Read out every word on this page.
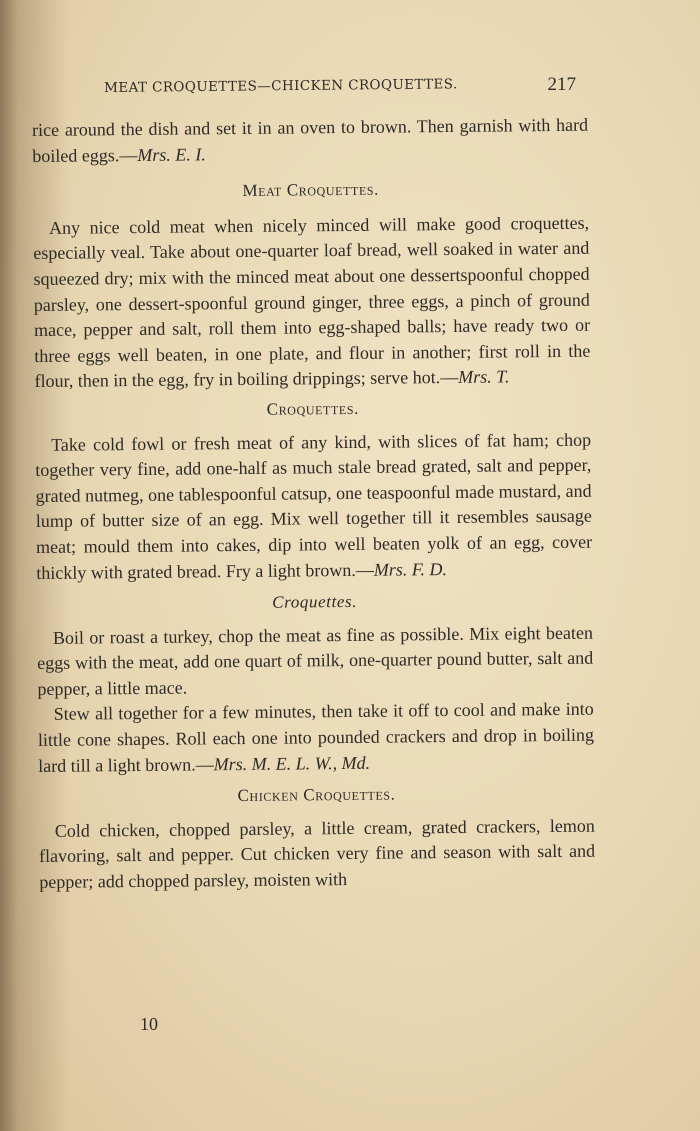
MEAT CROQUETTES—CHICKEN CROQUETTES.	217

rice around the dish and set it in an oven to brown. Then garnish with hard boiled eggs.—Mrs. E. I.

Meat Croquettes.

Any nice cold meat when nicely minced will make good croquettes, especially veal. Take about one-quarter loaf bread, well soaked in water and squeezed dry; mix with the minced meat about one dessertspoonful chopped parsley, one dessert-spoonful ground ginger, three eggs, a pinch of ground mace, pepper and salt, roll them into egg-shaped balls; have ready two or three eggs well beaten, in one plate, and flour in another; first roll in the flour, then in the egg, fry in boiling drippings; serve hot.—Mrs. T.

Croquettes.

Take cold fowl or fresh meat of any kind, with slices of fat ham; chop together very fine, add one-half as much stale bread grated, salt and pepper, grated nutmeg, one tablespoonful catsup, one teaspoonful made mustard, and lump of butter size of an egg. Mix well together till it resembles sausage meat; mould them into cakes, dip into well beaten yolk of an egg, cover thickly with grated bread. Fry a light brown.—Mrs. F. D.

Croquettes.

Boil or roast a turkey, chop the meat as fine as possible. Mix eight beaten eggs with the meat, add one quart of milk, one-quarter pound butter, salt and pepper, a little mace.

Stew all together for a few minutes, then take it off to cool and make into little cone shapes. Roll each one into pounded crackers and drop in boiling lard till a light brown.—Mrs. M. E. L. W., Md.

Chicken Croquettes.

Cold chicken, chopped parsley, a little cream, grated crackers, lemon flavoring, salt and pepper. Cut chicken very fine and season with salt and pepper; add chopped parsley, moisten with

10
